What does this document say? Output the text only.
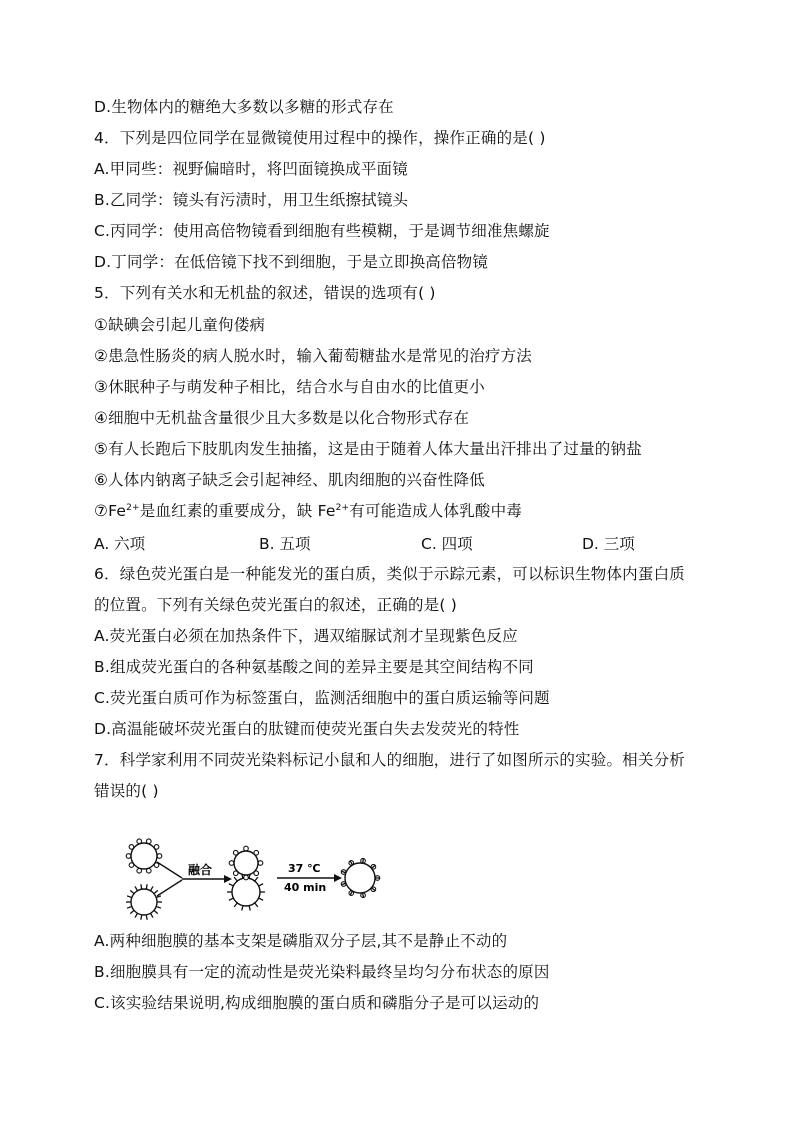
D.生物体内的糖绝大多数以多糖的形式存在
4．下列是四位同学在显微镜使用过程中的操作，操作正确的是( )
A.甲同些：视野偏暗时，将凹面镜换成平面镜
B.乙同学：镜头有污渍时，用卫生纸擦拭镜头
C.丙同学：使用高倍物镜看到细胞有些模糊，于是调节细准焦螺旋
D.丁同学：在低倍镜下找不到细胞，于是立即换高倍物镜
5．下列有关水和无机盐的叙述，错误的选项有( )
①缺碘会引起儿童佝偻病
②患急性肠炎的病人脱水时，输入葡萄糖盐水是常见的治疗方法
③休眠种子与萌发种子相比，结合水与自由水的比值更小
④细胞中无机盐含量很少且大多数是以化合物形式存在
⑤有人长跑后下肢肌肉发生抽搐，这是由于随着人体大量出汗排出了过量的钠盐
⑥人体内钠离子缺乏会引起神经、肌肉细胞的兴奋性降低
$⑦Fe^{2+}$是血红素的重要成分，缺 $Fe^{2+}$有可能造成人体乳酸中毒
A. 六项	B. 五项	C. 四项	D. 三项
6．绿色荧光蛋白是一种能发光的蛋白质，类似于示踪元素，可以标识生物体内蛋白质
的位置。下列有关绿色荧光蛋白的叙述，正确的是( )
A.荧光蛋白必须在加热条件下，遇双缩脲试剂才呈现紫色反应
B.组成荧光蛋白的各种氨基酸之间的差异主要是其空间结构不同
C.荧光蛋白质可作为标签蛋白，监测活细胞中的蛋白质运输等问题
D.高温能破坏荧光蛋白的肽键而使荧光蛋白失去发荧光的特性
7．科学家利用不同荧光染料标记小鼠和人的细胞，进行了如图所示的实验。相关分析
错误的( )
融合	37 ℃
40 min
A.两种细胞膜的基本支架是磷脂双分子层,其不是静止不动的
B.细胞膜具有一定的流动性是荧光染料最终呈均匀分布状态的原因
C.该实验结果说明,构成细胞膜的蛋白质和磷脂分子是可以运动的
